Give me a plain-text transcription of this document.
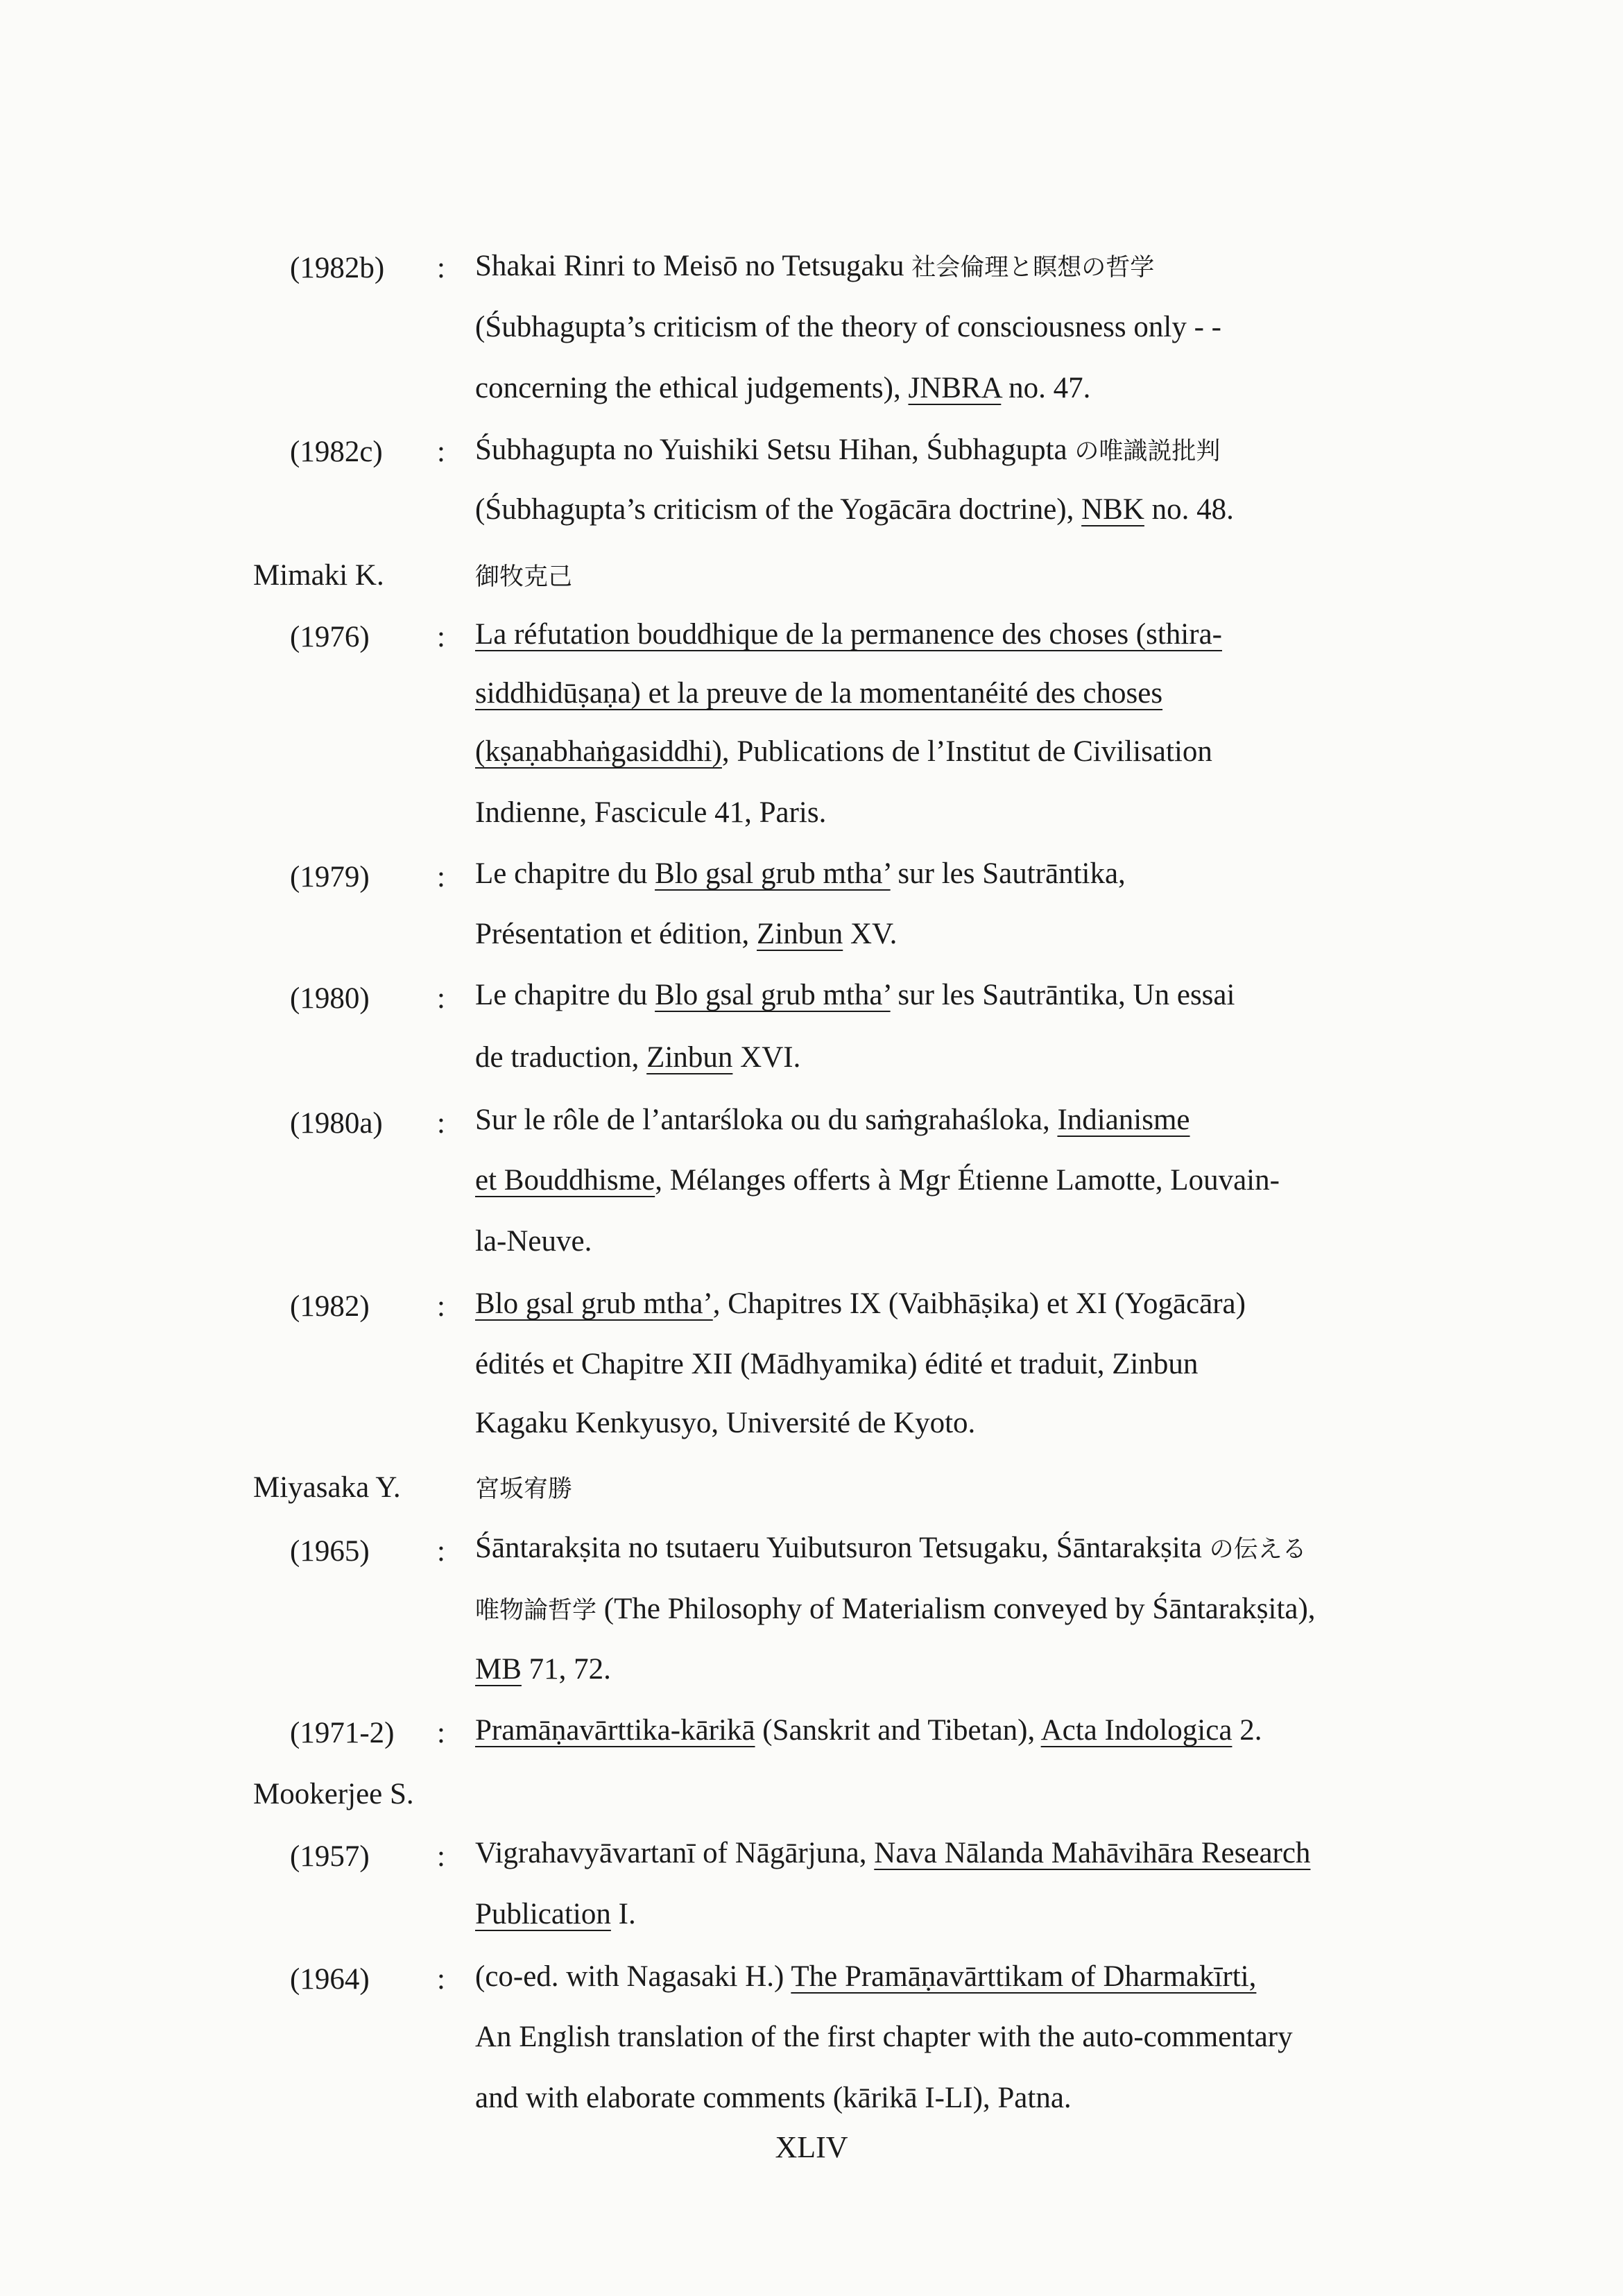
(1982b) : Shakai Rinri to Meisō no Tetsugaku 社会倫理と瞑想の哲学
(Śubhagupta’s criticism of the theory of consciousness only - -
concerning the ethical judgements), JNBRA no. 47.
(1982c) : Śubhagupta no Yuishiki Setsu Hihan, Śubhagupta の唯識説批判
(Śubhagupta’s criticism of the Yogācāra doctrine), NBK no. 48.
Mimaki K.	御牧克己
(1976) : La réfutation bouddhique de la permanence des choses (sthira-
siddhidūṣaṇa) et la preuve de la momentanéité des choses
(kṣaṇabhaṅgasiddhi), Publications de l’Institut de Civilisation
Indienne, Fascicule 41, Paris.
(1979) : Le chapitre du Blo gsal grub mtha’ sur les Sautrāntika,
Présentation et édition, Zinbun XV.
(1980) : Le chapitre du Blo gsal grub mtha’ sur les Sautrāntika, Un essai
de traduction, Zinbun XVI.
(1980a) : Sur le rôle de l’antarśloka ou du saṁgrahaśloka, Indianisme
et Bouddhisme, Mélanges offerts à Mgr Étienne Lamotte, Louvain-
la-Neuve.
(1982) : Blo gsal grub mtha’, Chapitres IX (Vaibhāṣika) et XI (Yogācāra)
édités et Chapitre XII (Mādhyamika) édité et traduit, Zinbun
Kagaku Kenkyusyo, Université de Kyoto.
Miyasaka Y.	宮坂宥勝
(1965) : Śāntarakṣita no tsutaeru Yuibutsuron Tetsugaku, Śāntarakṣita の伝える
唯物論哲学 (The Philosophy of Materialism conveyed by Śāntarakṣita),
MB 71, 72.
(1971-2) : Pramāṇavārttika-kārikā (Sanskrit and Tibetan), Acta Indologica 2.
Mookerjee S.
(1957) : Vigrahavyāvartanī of Nāgārjuna, Nava Nālanda Mahāvihāra Research
Publication I.
(1964) : (co-ed. with Nagasaki H.) The Pramāṇavārttikam of Dharmakīrti,
An English translation of the first chapter with the auto-commentary
and with elaborate comments (kārikā I-LI), Patna.
XLIV
